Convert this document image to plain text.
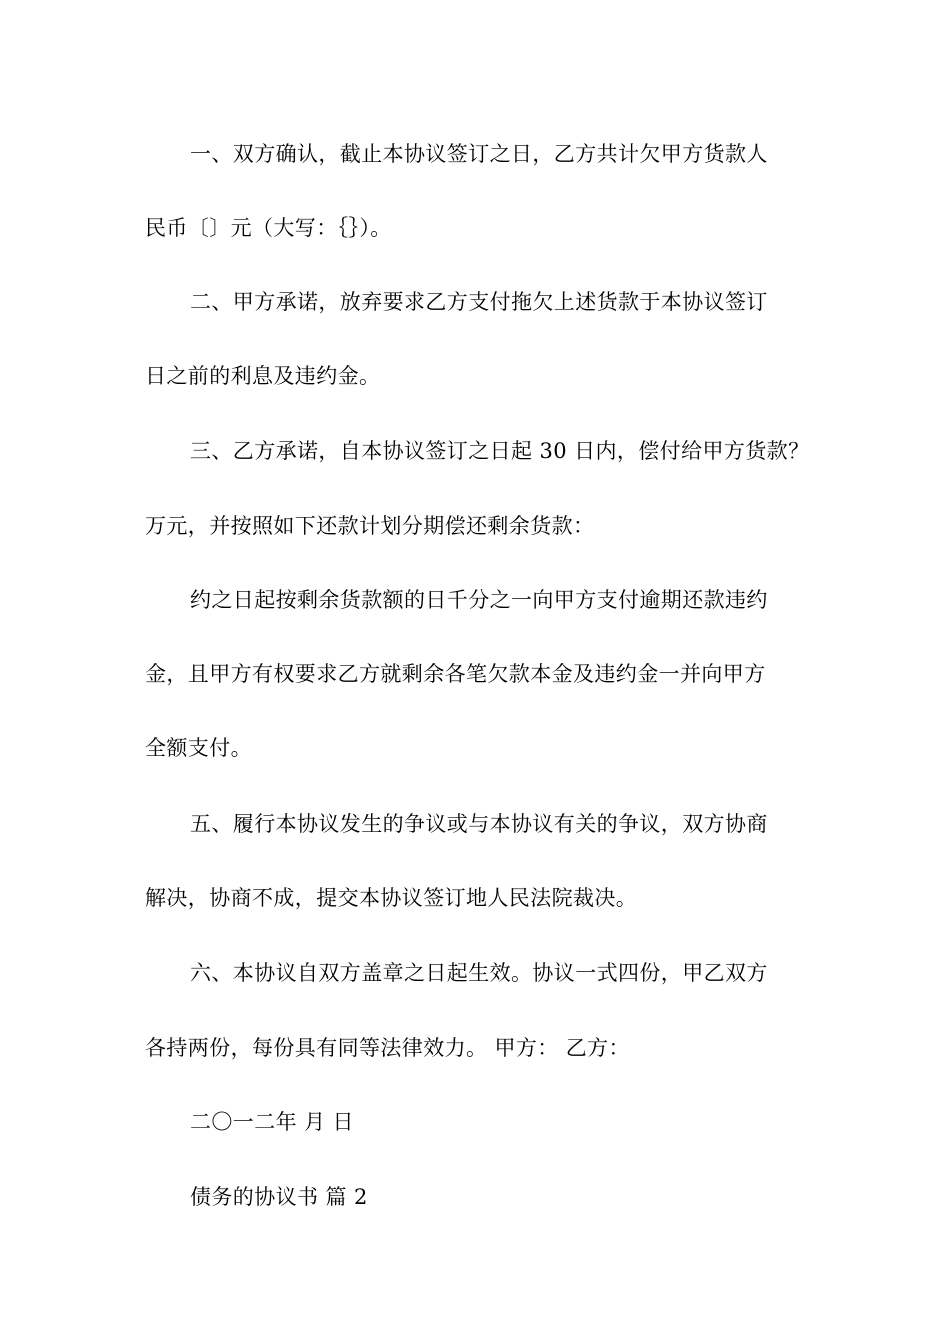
一、双方确认，截止本协议签订之日，乙方共计欠甲方货款人
民币〔〕元（大写：｛｝）。
二、甲方承诺，放弃要求乙方支付拖欠上述货款于本协议签订
日之前的利息及违约金。
三、乙方承诺，自本协议签订之日起 30 日内，偿付给甲方货款？
万元，并按照如下还款计划分期偿还剩余货款：
约之日起按剩余货款额的日千分之一向甲方支付逾期还款违约
金，且甲方有权要求乙方就剩余各笔欠款本金及违约金一并向甲方
全额支付。
五、履行本协议发生的争议或与本协议有关的争议，双方协商
解决，协商不成，提交本协议签订地人民法院裁决。
六、本协议自双方盖章之日起生效。协议一式四份，甲乙双方
各持两份，每份具有同等法律效力。 甲方： 乙方：
二〇一二年 月 日
债务的协议书 篇 2
